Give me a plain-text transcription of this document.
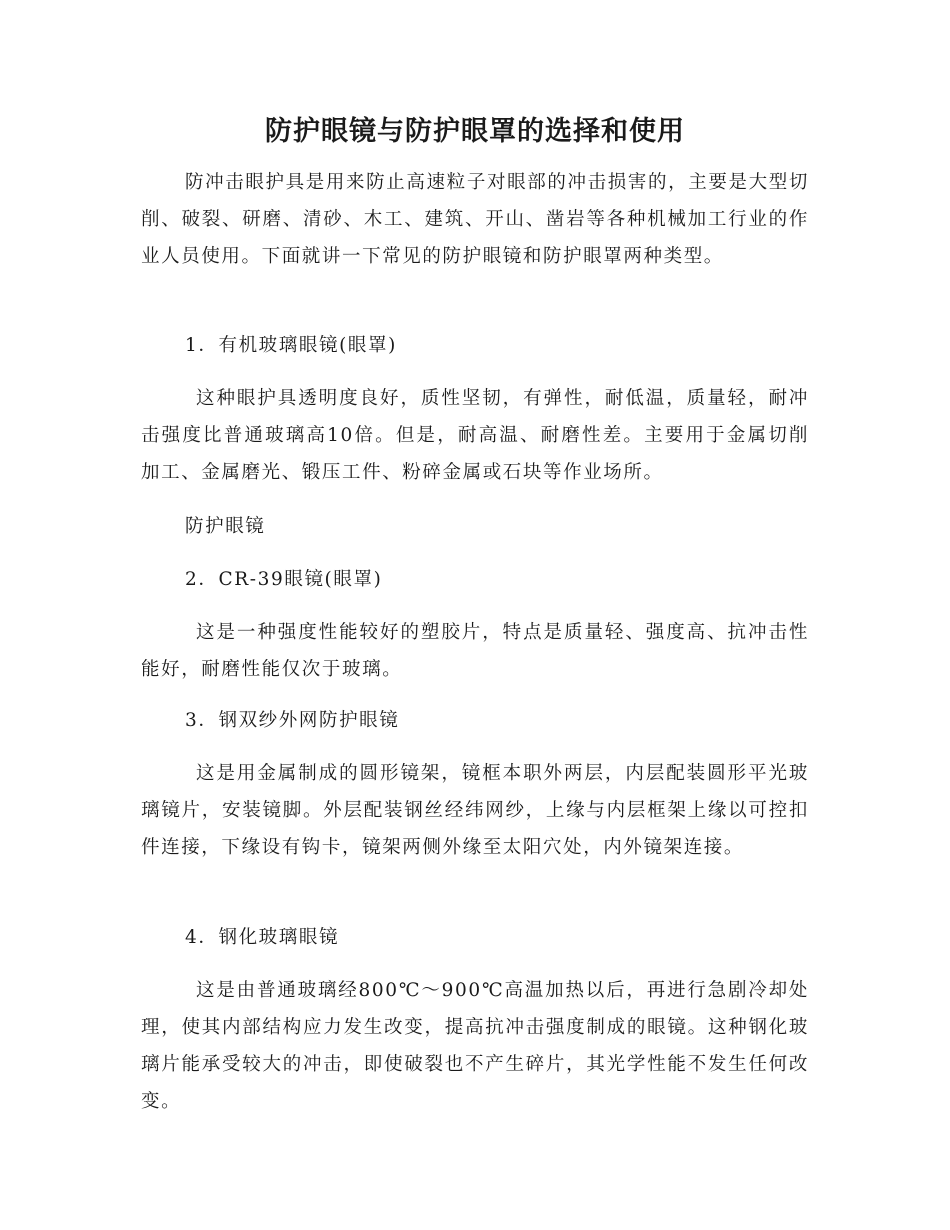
防护眼镜与防护眼罩的选择和使用

防冲击眼护具是用来防止高速粒子对眼部的冲击损害的，主要是大型切削、破裂、研磨、清砂、木工、建筑、开山、凿岩等各种机械加工行业的作业人员使用。下面就讲一下常见的防护眼镜和防护眼罩两种类型。

1．有机玻璃眼镜(眼罩)

这种眼护具透明度良好，质性坚韧，有弹性，耐低温，质量轻，耐冲击强度比普通玻璃高10倍。但是，耐高温、耐磨性差。主要用于金属切削加工、金属磨光、锻压工件、粉碎金属或石块等作业场所。

防护眼镜

2．CR-39眼镜(眼罩)

这是一种强度性能较好的塑胶片，特点是质量轻、强度高、抗冲击性能好，耐磨性能仅次于玻璃。

3．钢双纱外网防护眼镜

这是用金属制成的圆形镜架，镜框本职外两层，内层配装圆形平光玻璃镜片，安装镜脚。外层配装钢丝经纬网纱，上缘与内层框架上缘以可控扣件连接，下缘设有钩卡，镜架两侧外缘至太阳穴处，内外镜架连接。

4．钢化玻璃眼镜

这是由普通玻璃经800℃～900℃高温加热以后，再进行急剧冷却处理，使其内部结构应力发生改变，提高抗冲击强度制成的眼镜。这种钢化玻璃片能承受较大的冲击，即使破裂也不产生碎片，其光学性能不发生任何改变。
